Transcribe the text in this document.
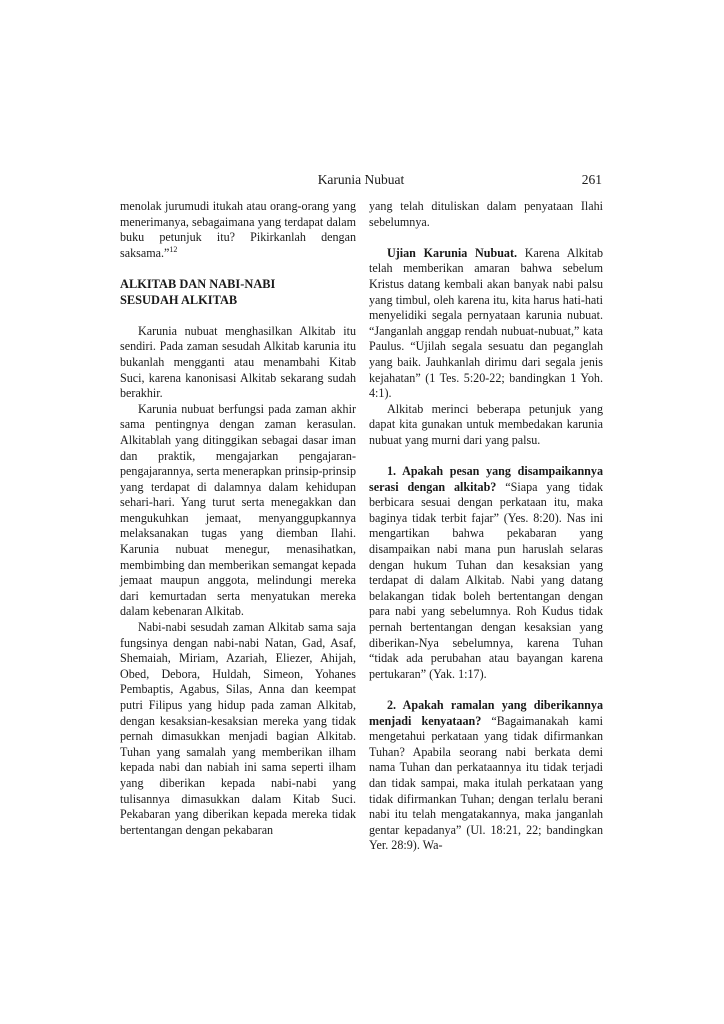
Karunia Nubuat	261

menolak jurumudi itukah atau orang-orang yang menerimanya, sebagaimana yang terdapat dalam buku petunjuk itu? Pikirkanlah dengan saksama.”$^{12}$

ALKITAB DAN NABI-NABI
SESUDAH ALKITAB

Karunia nubuat menghasilkan Alkitab itu sendiri. Pada zaman sesudah Alkitab karunia itu bukanlah mengganti atau menambahi Kitab Suci, karena kanonisasi Alkitab sekarang sudah berakhir.

Karunia nubuat berfungsi pada zaman akhir sama pentingnya dengan zaman kerasulan. Alkitablah yang ditinggikan sebagai dasar iman dan praktik, mengajarkan pengajaran-pengajarannya, serta menerapkan prinsip-prinsip yang terdapat di dalamnya dalam kehidupan sehari-hari. Yang turut serta menegakkan dan mengukuhkan jemaat, menyanggupkannya melaksanakan tugas yang diemban Ilahi. Karunia nubuat menegur, menasihatkan, membimbing dan memberikan semangat kepada jemaat maupun anggota, melindungi mereka dari kemurtadan serta menyatukan mereka dalam kebenaran Alkitab.

Nabi-nabi sesudah zaman Alkitab sama saja fungsinya dengan nabi-nabi Natan, Gad, Asaf, Shemaiah, Miriam, Azariah, Eliezer, Ahijah, Obed, Debora, Huldah, Simeon, Yohanes Pembaptis, Agabus, Silas, Anna dan keempat putri Filipus yang hidup pada zaman Alkitab, dengan kesaksian-kesaksian mereka yang tidak pernah dimasukkan menjadi bagian Alkitab. Tuhan yang samalah yang memberikan ilham kepada nabi dan nabiah ini sama seperti ilham yang diberikan kepada nabi-nabi yang tulisannya dimasukkan dalam Kitab Suci. Pekabaran yang diberikan kepada mereka tidak bertentangan dengan pekabaran

yang telah dituliskan dalam penyataan Ilahi sebelumnya.

Ujian Karunia Nubuat. Karena Alkitab telah memberikan amaran bahwa sebelum Kristus datang kembali akan banyak nabi palsu yang timbul, oleh karena itu, kita harus hati-hati menyelidiki segala pernyataan karunia nubuat. “Janganlah anggap rendah nubuat-nubuat,” kata Paulus. “Ujilah segala sesuatu dan peganglah yang baik. Jauhkanlah dirimu dari segala jenis kejahatan” (1 Tes. 5:20-22; bandingkan 1 Yoh. 4:1).

Alkitab merinci beberapa petunjuk yang dapat kita gunakan untuk membedakan karunia nubuat yang murni dari yang palsu.

1. Apakah pesan yang disampaikannya serasi dengan alkitab? “Siapa yang tidak berbicara sesuai dengan perkataan itu, maka baginya tidak terbit fajar” (Yes. 8:20). Nas ini mengartikan bahwa pekabaran yang disampaikan nabi mana pun haruslah selaras dengan hukum Tuhan dan kesaksian yang terdapat di dalam Alkitab. Nabi yang datang belakangan tidak boleh bertentangan dengan para nabi yang sebelumnya. Roh Kudus tidak pernah bertentangan dengan kesaksian yang diberikan-Nya sebelumnya, karena Tuhan “tidak ada perubahan atau bayangan karena pertukaran” (Yak. 1:17).

2. Apakah ramalan yang diberikannya menjadi kenyataan? “Bagaimanakah kami mengetahui perkataan yang tidak difirmankan Tuhan? Apabila seorang nabi berkata demi nama Tuhan dan perkataannya itu tidak terjadi dan tidak sampai, maka itulah perkataan yang tidak difirmankan Tuhan; dengan terlalu berani nabi itu telah mengatakannya, maka janganlah gentar kepadanya” (Ul. 18:21, 22; bandingkan Yer. 28:9). Wa-
